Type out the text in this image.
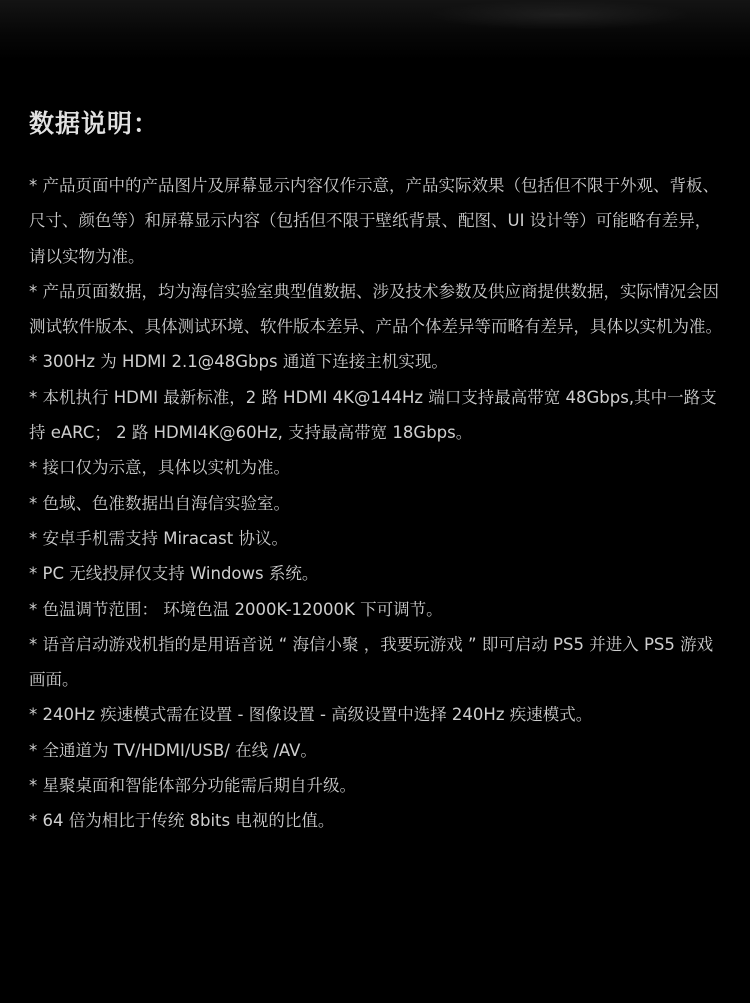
数据说明：
* 产品页面中的产品图片及屏幕显示内容仅作示意，产品实际效果（包括但不限于外观、背板、尺寸、颜色等）和屏幕显示内容（包括但不限于壁纸背景、配图、UI 设计等）可能略有差异，请以实物为准。
* 产品页面数据，均为海信实验室典型值数据、涉及技术参数及供应商提供数据，实际情况会因测试软件版本、具体测试环境、软件版本差异、产品个体差异等而略有差异，具体以实机为准。
* 300Hz 为 HDMI 2.1@48Gbps 通道下连接主机实现。
* 本机执行 HDMI 最新标准，2 路 HDMI 4K@144Hz 端口支持最高带宽 48Gbps,其中一路支持 eARC； 2 路 HDMI4K@60Hz, 支持最高带宽 18Gbps。
* 接口仅为示意，具体以实机为准。
* 色域、色准数据出自海信实验室。
* 安卓手机需支持 Miracast 协议。
* PC 无线投屏仅支持 Windows 系统。
* 色温调节范围： 环境色温 2000K-12000K 下可调节。
* 语音启动游戏机指的是用语音说 “ 海信小聚 ，我要玩游戏 ” 即可启动 PS5 并进入 PS5 游戏画面。
* 240Hz 疾速模式需在设置 - 图像设置 - 高级设置中选择 240Hz 疾速模式。
* 全通道为 TV/HDMI/USB/ 在线 /AV。
* 星聚桌面和智能体部分功能需后期自升级。
* 64 倍为相比于传统 8bits 电视的比值。
